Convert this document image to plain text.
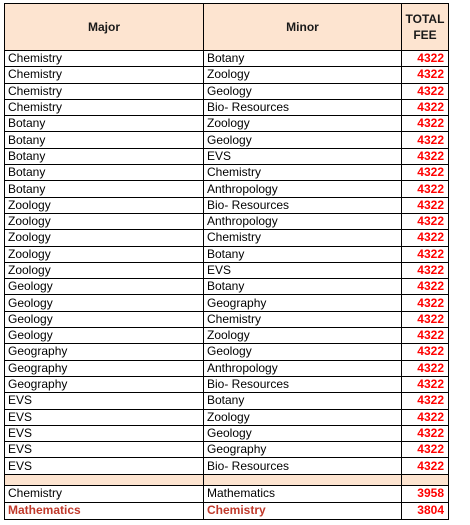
Major	Minor	TOTAL
FEE
Chemistry	Botany	4322
Chemistry	Zoology	4322
Chemistry	Geology	4322
Chemistry	Bio- Resources	4322
Botany	Zoology	4322
Botany	Geology	4322
Botany	EVS	4322
Botany	Chemistry	4322
Botany	Anthropology	4322
Zoology	Bio- Resources	4322
Zoology	Anthropology	4322
Zoology	Chemistry	4322
Zoology	Botany	4322
Zoology	EVS	4322
Geology	Botany	4322
Geology	Geography	4322
Geology	Chemistry	4322
Geology	Zoology	4322
Geography	Geology	4322
Geography	Anthropology	4322
Geography	Bio- Resources	4322
EVS	Botany	4322
EVS	Zoology	4322
EVS	Geology	4322
EVS	Geography	4322
EVS	Bio- Resources	4322

Chemistry	Mathematics	3958
Mathematics	Chemistry	3804
